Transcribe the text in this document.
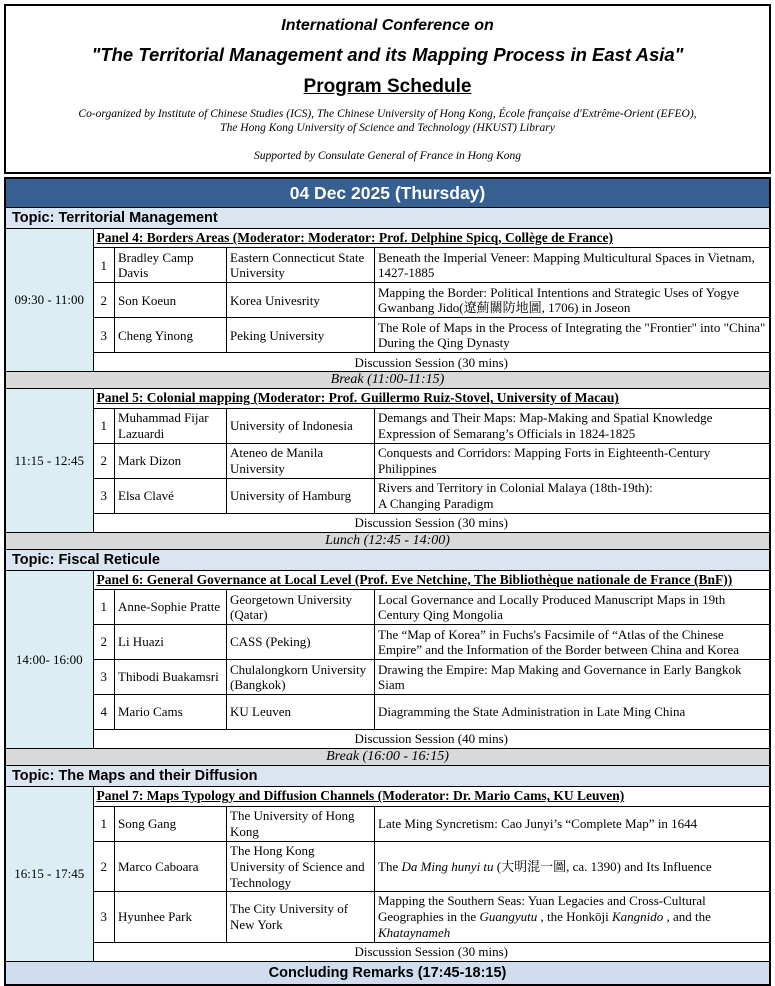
International Conference on
"The Territorial Management and its Mapping Process in East Asia"
Program Schedule
Co-organized by Institute of Chinese Studies (ICS), The Chinese University of Hong Kong, École française d'Extrême-Orient (EFEO),
The Hong Kong University of Science and Technology (HKUST) Library
Supported by Consulate General of France in Hong Kong
04 Dec 2025 (Thursday)
Topic: Territorial Management
09:30 - 11:00	
Panel 4: Borders Areas (Moderator: Moderator: Prof. Delphine Spicq, Collège de France)
1	Bradley Camp Davis	Eastern Connecticut State University	Beneath the Imperial Veneer: Mapping Multicultural Spaces in Vietnam, 1427-1885
2	Son Koeun	Korea Univesrity	Mapping the Border: Political Intentions and Strategic Uses of Yogye Gwanbang Jido(遼薊關防地圖, 1706) in Joseon
3	Cheng Yinong	Peking University	The Role of Maps in the Process of Integrating the "Frontier" into "China" During the Qing Dynasty
Discussion Session (30 mins)

Break (11:00-11:15)
11:15 - 12:45	
Panel 5: Colonial mapping (Moderator: Prof. Guillermo Ruiz-Stovel, University of Macau)
1	Muhammad Fijar Lazuardi	University of Indonesia	Demangs and Their Maps: Map-Making and Spatial Knowledge Expression of Semarang’s Officials in 1824-1825
2	Mark Dizon	Ateneo de Manila University	Conquests and Corridors: Mapping Forts in Eighteenth-Century Philippines
3	Elsa Clavé	University of Hamburg	Rivers and Territory in Colonial Malaya (18th-19th):
A Changing Paradigm
Discussion Session (30 mins)

Lunch (12:45 - 14:00)
Topic: Fiscal Reticule
14:00- 16:00	
Panel 6: General Governance at Local Level (Prof. Eve Netchine, The Bibliothèque nationale de France (BnF))
1	Anne-Sophie Pratte	Georgetown University (Qatar)	Local Governance and Locally Produced Manuscript Maps in 19th Century Qing Mongolia
2	Li Huazi	CASS (Peking)	The “Map of Korea” in Fuchs's Facsimile of “Atlas of the Chinese Empire” and the Information of the Border between China and Korea
3	Thibodi Buakamsri	Chulalongkorn University (Bangkok)	Drawing the Empire: Map Making and Governance in Early Bangkok Siam
4	Mario Cams	KU Leuven	Diagramming the State Administration in Late Ming China
Discussion Session (40 mins)

Break (16:00 - 16:15)
Topic: The Maps and their Diffusion
16:15 - 17:45	
Panel 7: Maps Typology and Diffusion Channels (Moderator: Dr. Mario Cams, KU Leuven)
1	Song Gang	The University of Hong Kong	Late Ming Syncretism: Cao Junyi’s “Complete Map” in 1644
2	Marco Caboara	The Hong Kong University of Science and Technology	The Da Ming hunyi tu (大明混一圖, ca. 1390) and Its Influence
3	Hyunhee Park	The City University of New York	Mapping the Southern Seas: Yuan Legacies and Cross-Cultural Geographies in the Guangyutu , the Honkōji Kangnido , and the Khataynameh
Discussion Session (30 mins)

Concluding Remarks (17:45-18:15)
